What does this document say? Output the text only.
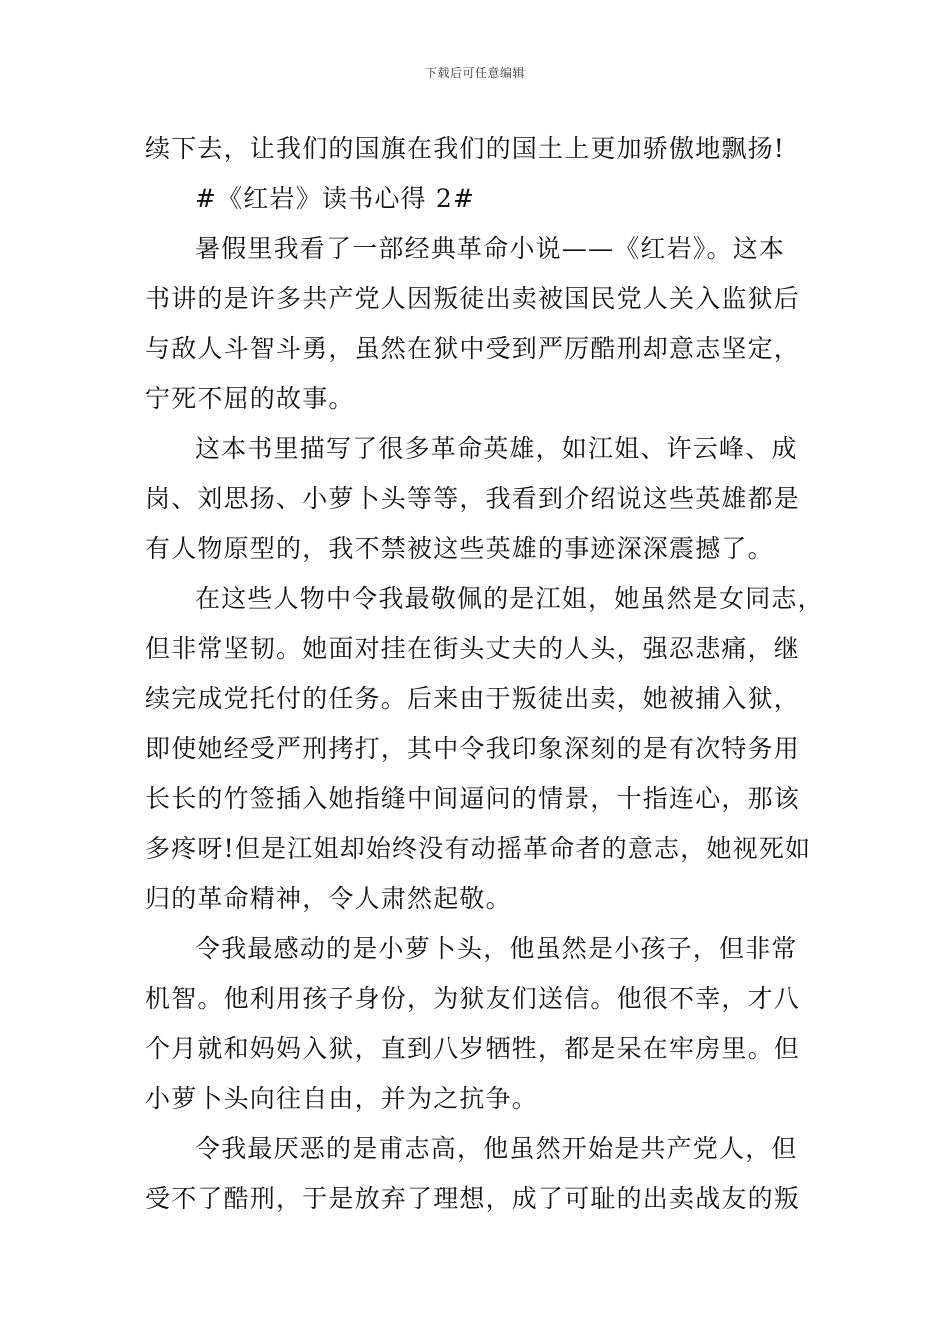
下载后可任意编辑
续下去，让我们的国旗在我们的国土上更加骄傲地飘扬!
#《红岩》读书心得 2#
暑假里我看了一部经典革命小说——《红岩》。这本
书讲的是许多共产党人因叛徒出卖被国民党人关入监狱后
与敌人斗智斗勇，虽然在狱中受到严厉酷刑却意志坚定，
宁死不屈的故事。
这本书里描写了很多革命英雄，如江姐、许云峰、成
岗、刘思扬、小萝卜头等等，我看到介绍说这些英雄都是
有人物原型的，我不禁被这些英雄的事迹深深震撼了。
在这些人物中令我最敬佩的是江姐，她虽然是女同志，
但非常坚韧。她面对挂在街头丈夫的人头，强忍悲痛，继
续完成党托付的任务。后来由于叛徒出卖，她被捕入狱，
即使她经受严刑拷打，其中令我印象深刻的是有次特务用
长长的竹签插入她指缝中间逼问的情景，十指连心，那该
多疼呀!但是江姐却始终没有动摇革命者的意志，她视死如
归的革命精神，令人肃然起敬。
令我最感动的是小萝卜头，他虽然是小孩子，但非常
机智。他利用孩子身份，为狱友们送信。他很不幸，才八
个月就和妈妈入狱，直到八岁牺牲，都是呆在牢房里。但
小萝卜头向往自由，并为之抗争。
令我最厌恶的是甫志高，他虽然开始是共产党人，但
受不了酷刑，于是放弃了理想，成了可耻的出卖战友的叛
